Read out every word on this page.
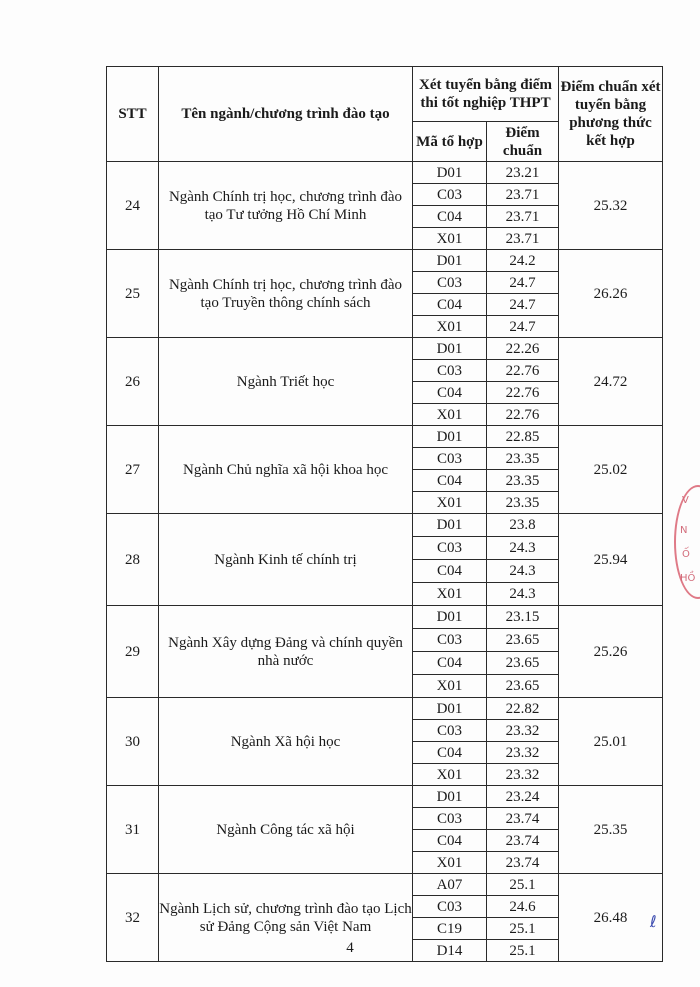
STT	Tên ngành/chương trình đào tạo	Xét tuyển bằng điểm thi tốt nghiệp THPT		Điểm chuẩn xét tuyển bằng phương thức kết hợp
		Mã tổ hợp	Điểm chuẩn	
24	Ngành Chính trị học, chương trình đào tạo Tư tưởng Hồ Chí Minh	D01	23.21	25.32
		C03	23.71	
		C04	23.71	
		X01	23.71	
25	Ngành Chính trị học, chương trình đào tạo Truyền thông chính sách	D01	24.2	26.26
		C03	24.7	
		C04	24.7	
		X01	24.7	
26	Ngành Triết học	D01	22.26	24.72
		C03	22.76	
		C04	22.76	
		X01	22.76	
27	Ngành Chủ nghĩa xã hội khoa học	D01	22.85	25.02
		C03	23.35	
		C04	23.35	
		X01	23.35	
28	Ngành Kinh tế chính trị	D01	23.8	25.94
		C03	24.3	
		C04	24.3	
		X01	24.3	
29	Ngành Xây dựng Đảng và chính quyền nhà nước	D01	23.15	25.26
		C03	23.65	
		C04	23.65	
		X01	23.65	
30	Ngành Xã hội học	D01	22.82	25.01
		C03	23.32	
		C04	23.32	
		X01	23.32	
31	Ngành Công tác xã hội	D01	23.24	25.35
		C03	23.74	
		C04	23.74	
		X01	23.74	
32	Ngành Lịch sử, chương trình đào tạo Lịch sử Đảng Cộng sản Việt Nam	A07	25.1	26.48
		C03	24.6	
		C19	25.1	
		D14	25.1	
4
V
N
Ố
HỒ
ℓ
